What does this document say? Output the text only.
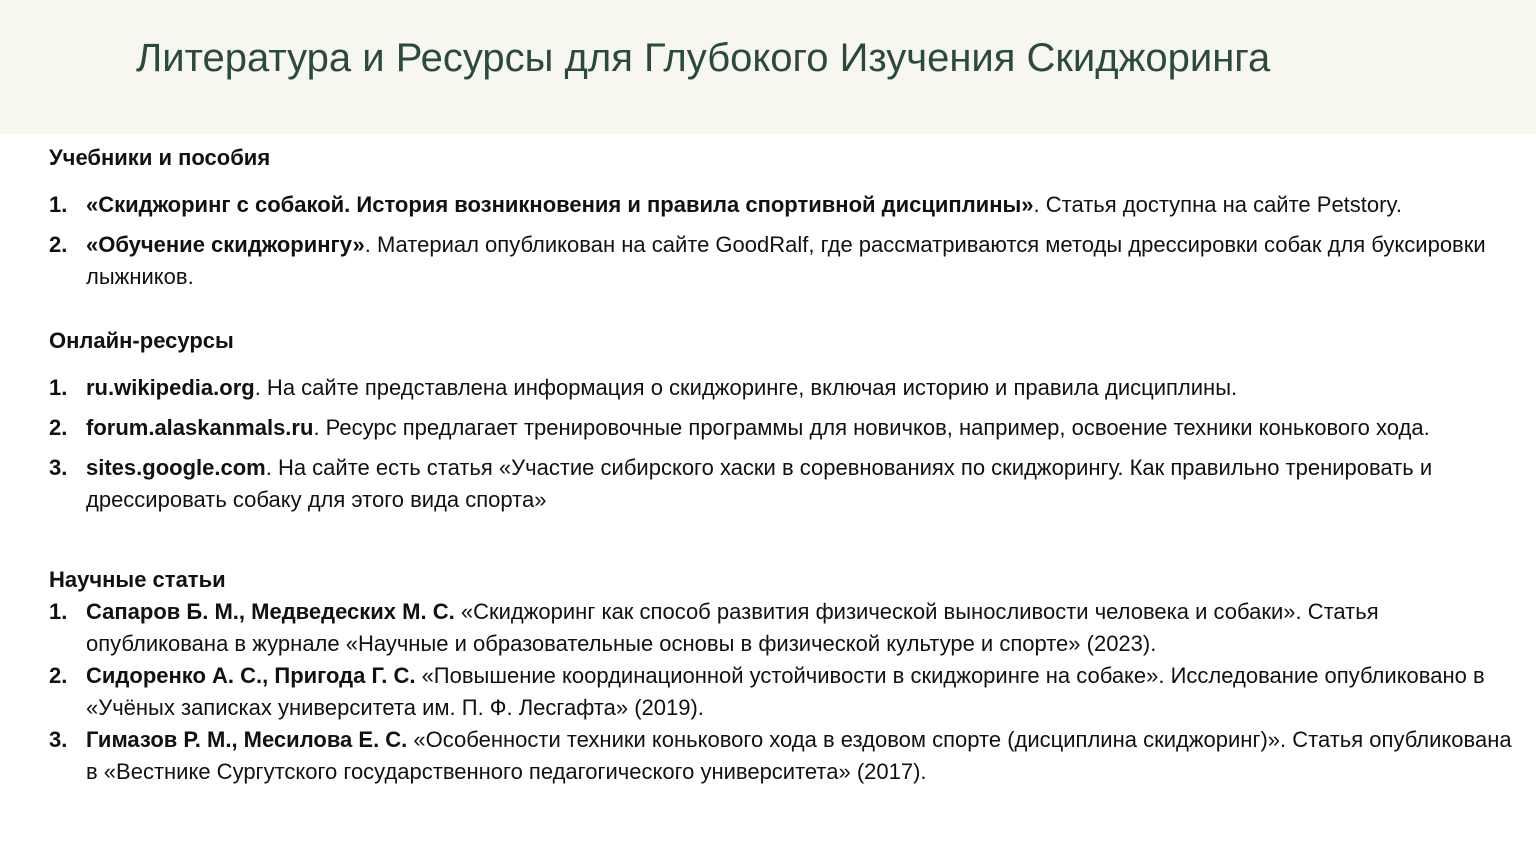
Литература и Ресурсы для Глубокого Изучения Скиджоринга
Учебники и пособия
1. «Скиджоринг с собакой. История возникновения и правила спортивной дисциплины». Статья доступна на сайте Petstory.
2. «Обучение скиджорингу». Материал опубликован на сайте GoodRalf, где рассматриваются методы дрессировки собак для буксировки лыжников.
Онлайн-ресурсы
1. ru.wikipedia.org. На сайте представлена информация о скиджоринге, включая историю и правила дисциплины.
2. forum.alaskanmals.ru. Ресурс предлагает тренировочные программы для новичков, например, освоение техники конькового хода.
3. sites.google.com. На сайте есть статья «Участие сибирского хаски в соревнованиях по скиджорингу. Как правильно тренировать и дрессировать собаку для этого вида спорта»
Научные статьи
1. Сапаров Б. М., Медведеских М. С. «Скиджоринг как способ развития физической выносливости человека и собаки». Статья опубликована в журнале «Научные и образовательные основы в физической культуре и спорте» (2023).
2. Сидоренко А. С., Пригода Г. С. «Повышение координационной устойчивости в скиджоринге на собаке». Исследование опубликовано в «Учёных записках университета им. П. Ф. Лесгафта» (2019).
3. Гимазов Р. М., Месилова Е. С. «Особенности техники конькового хода в ездовом спорте (дисциплина скиджоринг)». Статья опубликована в «Вестнике Сургутского государственного педагогического университета» (2017).
